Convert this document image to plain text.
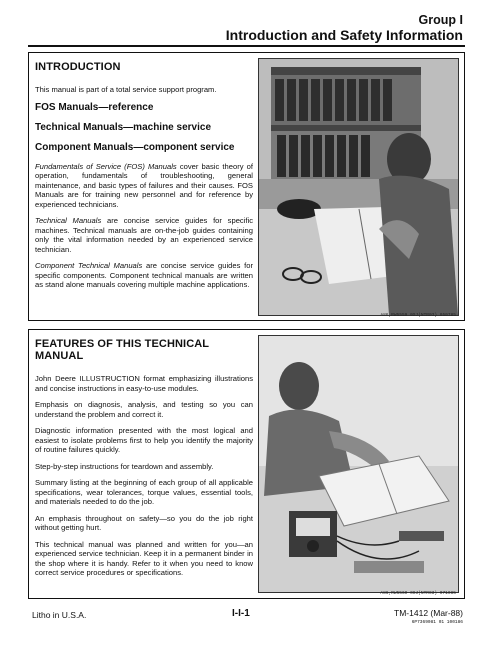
Group I
Introduction and Safety Information
INTRODUCTION

This manual is part of a total service support program.

FOS Manuals—reference
Technical Manuals—machine service
Component Manuals—component service

Fundamentals of Service (FOS) Manuals cover basic theory of operation, fundamentals of troubleshooting, general maintenance, and basic types of failures and their causes. FOS Manuals are for training new personnel and for reference by experienced technicians.

Technical Manuals are concise service guides for specific machines. Technical manuals are on-the-job guides containing only the vital information needed by an experienced service technician.

Component Technical Manuals are concise service guides for specific components. Component technical manuals are written as stand alone manuals covering multiple machine applications.

A86,RW5559 0SJ(NTR03) 050785
FEATURES OF THIS TECHNICAL MANUAL

John Deere ILLUSTRUCTION format emphasizing illustrations and concise instructions in easy-to-use modules.

Emphasis on diagnosis, analysis, and testing so you can understand the problem and correct it.

Diagnostic information presented with the most logical and easiest to isolate problems first to help you identify the majority of routine failures quickly.

Step-by-step instructions for teardown and assembly.

Summary listing at the beginning of each group of all applicable specifications, wear tolerances, torque values, essential tools, and materials needed to do the job.

An emphasis throughout on safety—so you do the job right without getting hurt.

This technical manual was planned and written for you—an experienced service technician. Keep it in a permanent binder in the shop where it is handy. Refer to it when you need to know correct service procedures or specifications.

A86,RW5560 0SJ(NTR03) 071085
Litho in U.S.A.	I-I-1	TM-1412 (Mar-88)
6P7369081 01 100186
